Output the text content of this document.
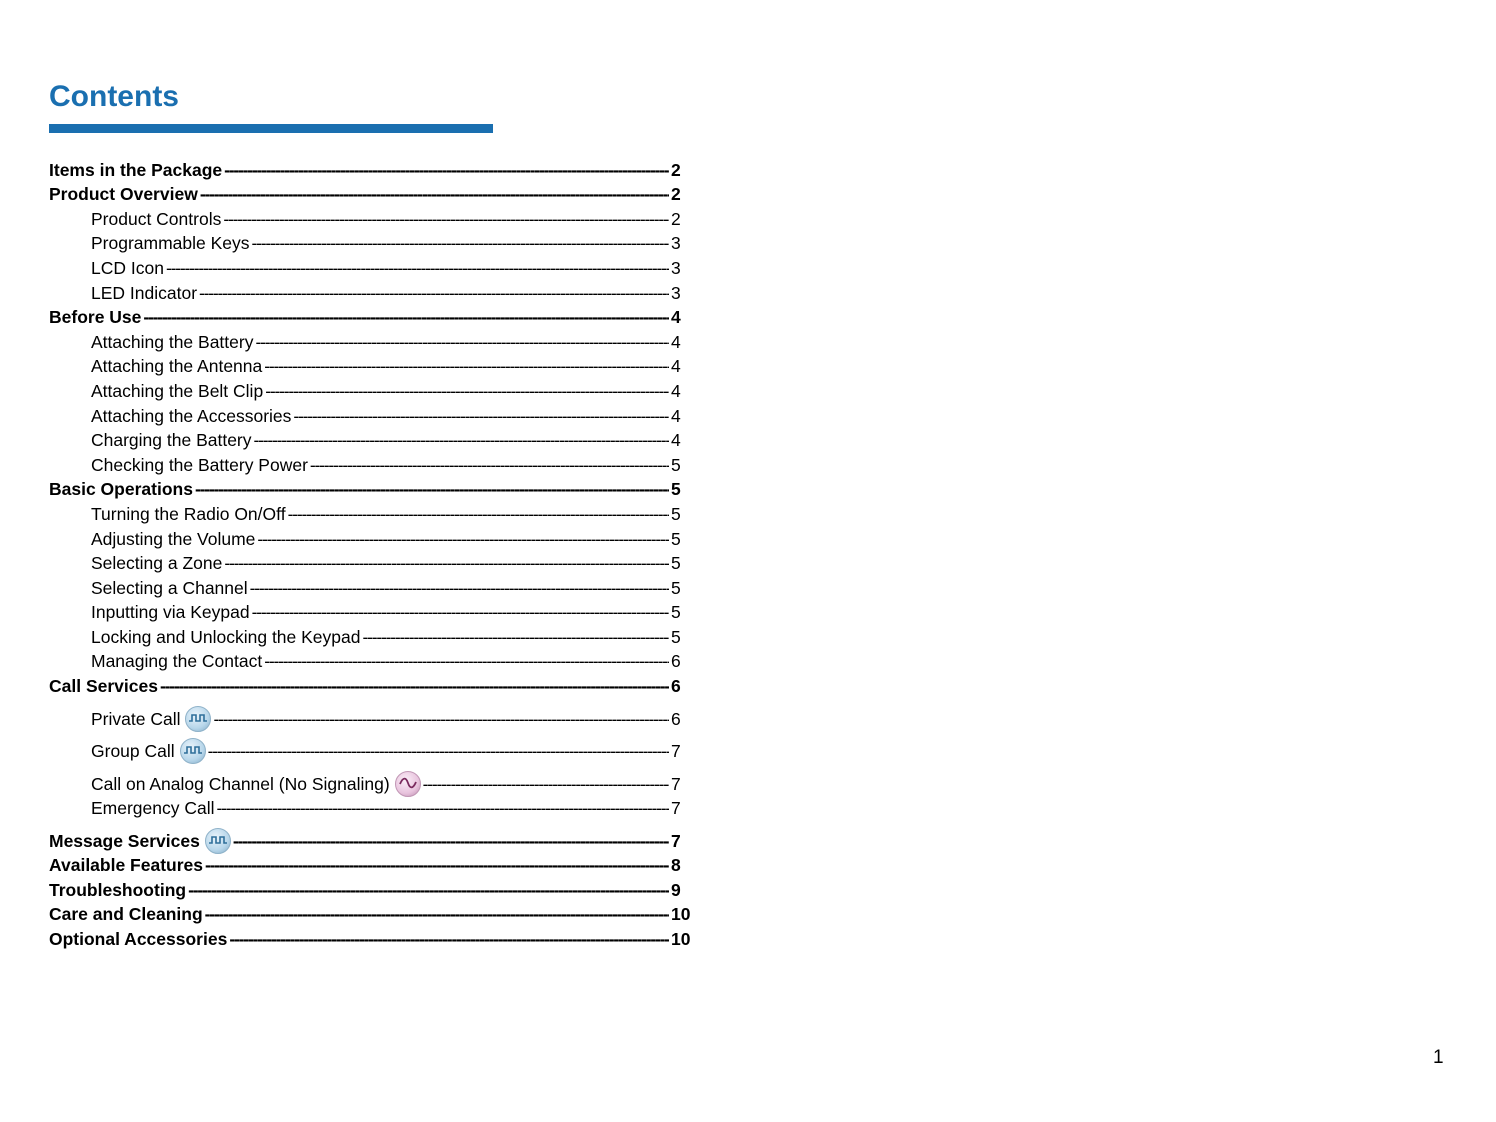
Contents
Items in the Package -----	2
Product Overview -----	2
Product Controls -----	2
Programmable Keys -----	3
LCD Icon -----	3
LED Indicator -----	3
Before Use -----	4
Attaching the Battery -----	4
Attaching the Antenna -----	4
Attaching the Belt Clip -----	4
Attaching the Accessories -----	4
Charging the Battery -----	4
Checking the Battery Power -----	5
Basic Operations -----	5
Turning the Radio On/Off -----	5
Adjusting the Volume -----	5
Selecting a Zone -----	5
Selecting a Channel -----	5
Inputting via Keypad -----	5
Locking and Unlocking the Keypad -----	5
Managing the Contact -----	6
Call Services -----	6
Private Call -----	6
Group Call -----	7
Call on Analog Channel (No Signaling) -----	7
Emergency Call -----	7
Message Services -----	7
Available Features -----	8
Troubleshooting -----	9
Care and Cleaning -----	10
Optional Accessories -----	10
1
